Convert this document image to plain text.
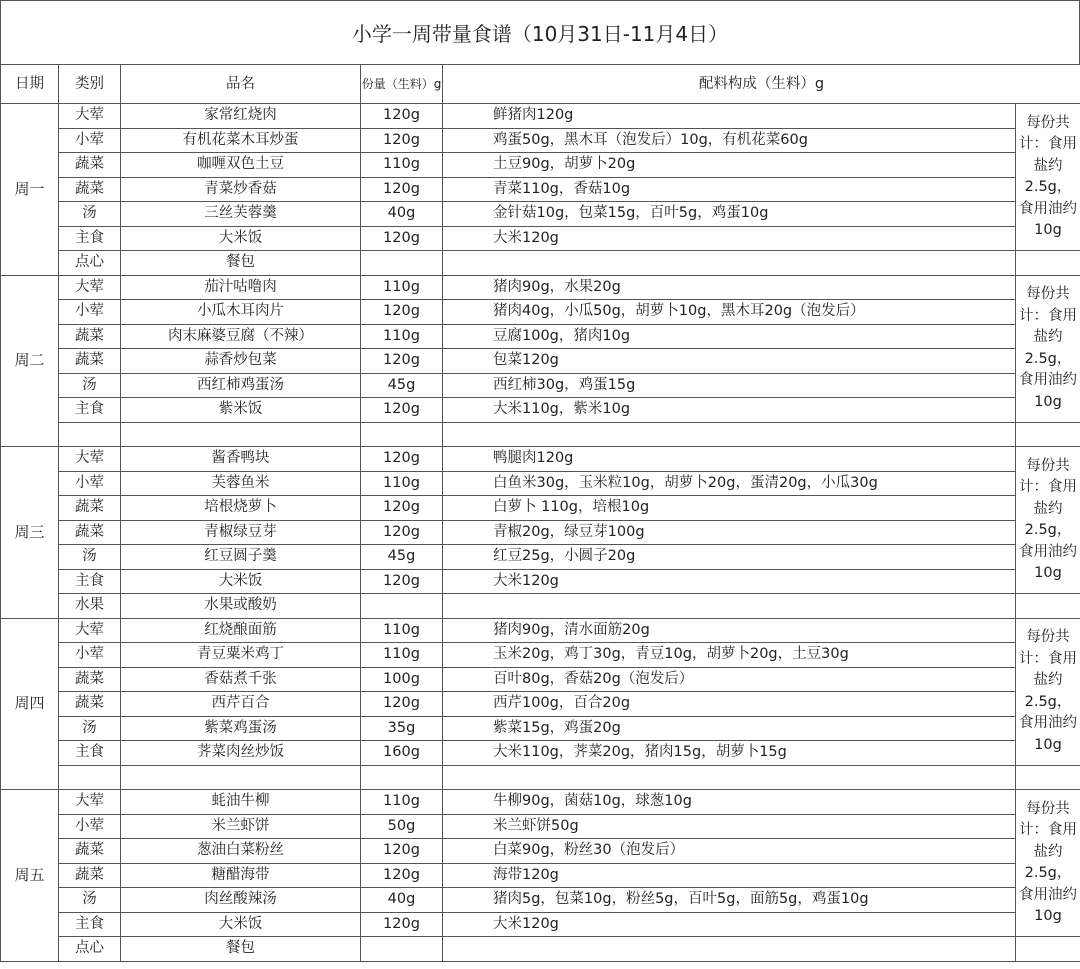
小学一周带量食谱（10月31日-11月4日）
日期	类别	品名	份量（生料）g	配料构成（生料）g	
周一	大荤	家常红烧肉	120g	鲜猪肉120g	每份共计：食用盐约2.5g，食用油约10g
	小荤	有机花菜木耳炒蛋	120g	鸡蛋50g，黑木耳（泡发后）10g，有机花菜60g	
	蔬菜	咖喱双色土豆	110g	土豆90g，胡萝卜20g	
	蔬菜	青菜炒香菇	120g	青菜110g，香菇10g	
	汤	三丝芙蓉羹	40g	金针菇10g，包菜15g，百叶5g，鸡蛋10g	
	主食	大米饭	120g	大米120g	
	点心	餐包			
周二	大荤	茄汁咕噜肉	110g	猪肉90g，水果20g	每份共计：食用盐约2.5g，食用油约10g
	小荤	小瓜木耳肉片	120g	猪肉40g，小瓜50g，胡萝卜10g，黑木耳20g（泡发后）	
	蔬菜	肉末麻婆豆腐（不辣）	110g	豆腐100g，猪肉10g	
	蔬菜	蒜香炒包菜	120g	包菜120g	
	汤	西红柿鸡蛋汤	45g	西红柿30g，鸡蛋15g	
	主食	紫米饭	120g	大米110g，紫米10g	

周三	大荤	酱香鸭块	120g	鸭腿肉120g	每份共计：食用盐约2.5g，食用油约10g
	小荤	芙蓉鱼米	110g	白鱼米30g，玉米粒10g，胡萝卜20g，蛋清20g，小瓜30g	
	蔬菜	培根烧萝卜	120g	白萝卜 110g，培根10g	
	蔬菜	青椒绿豆芽	120g	青椒20g，绿豆芽100g	
	汤	红豆圆子羹	45g	红豆25g，小圆子20g	
	主食	大米饭	120g	大米120g	
	水果	水果或酸奶			
周四	大荤	红烧酿面筋	110g	猪肉90g，清水面筋20g	每份共计：食用盐约2.5g，食用油约10g
	小荤	青豆粟米鸡丁	110g	玉米20g，鸡丁30g，青豆10g，胡萝卜20g，土豆30g	
	蔬菜	香菇煮千张	100g	百叶80g，香菇20g（泡发后）	
	蔬菜	西芹百合	120g	西芹100g，百合20g	
	汤	紫菜鸡蛋汤	35g	紫菜15g，鸡蛋20g	
	主食	荠菜肉丝炒饭	160g	大米110g，荠菜20g，猪肉15g，胡萝卜15g	

周五	大荤	蚝油牛柳	110g	牛柳90g，菌菇10g，球葱10g	每份共计：食用盐约2.5g，食用油约10g
	小荤	米兰虾饼	50g	米兰虾饼50g	
	蔬菜	葱油白菜粉丝	120g	白菜90g，粉丝30（泡发后）	
	蔬菜	糖醋海带	120g	海带120g	
	汤	肉丝酸辣汤	40g	猪肉5g，包菜10g，粉丝5g，百叶5g，面筋5g，鸡蛋10g	
	主食	大米饭	120g	大米120g	
	点心	餐包			
